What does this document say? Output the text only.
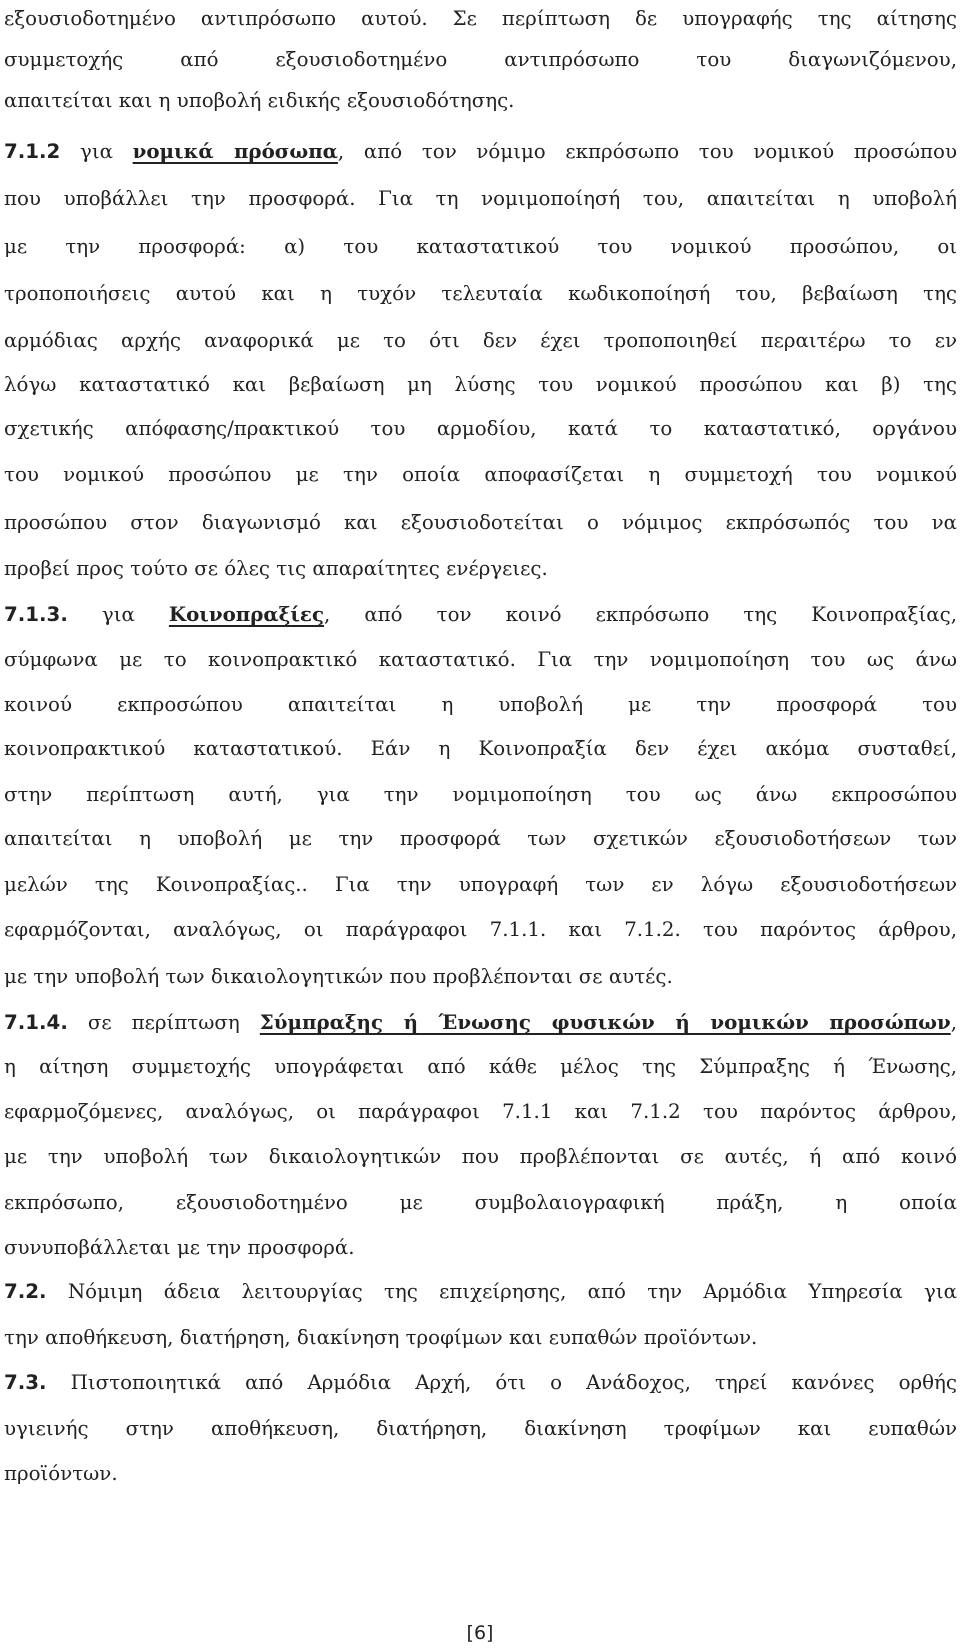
εξουσιοδοτημένο αντιπρόσωπο αυτού. Σε περίπτωση δε υπογραφής της αίτησης
συμμετοχής από εξουσιοδοτημένο αντιπρόσωπο του διαγωνιζόμενου,
απαιτείται και η υποβολή ειδικής εξουσιοδότησης.
7.1.2 για νομικά πρόσωπα, από τον νόμιμο εκπρόσωπο του νομικού προσώπου
που υποβάλλει την προσφορά. Για τη νομιμοποίησή του, απαιτείται η υποβολή
με την προσφορά: α) του καταστατικού του νομικού προσώπου, οι
τροποποιήσεις αυτού και η τυχόν τελευταία κωδικοποίησή του, βεβαίωση της
αρμόδιας αρχής αναφορικά με το ότι δεν έχει τροποποιηθεί περαιτέρω το εν
λόγω καταστατικό και βεβαίωση μη λύσης του νομικού προσώπου και β) της
σχετικής απόφασης/πρακτικού του αρμοδίου, κατά το καταστατικό, οργάνου
του νομικού προσώπου με την οποία αποφασίζεται η συμμετοχή του νομικού
προσώπου στον διαγωνισμό και εξουσιοδοτείται ο νόμιμος εκπρόσωπός του να
προβεί προς τούτο σε όλες τις απαραίτητες ενέργειες.
7.1.3. για Κοινοπραξίες, από τον κοινό εκπρόσωπο της Κοινοπραξίας,
σύμφωνα με το κοινοπρακτικό καταστατικό. Για την νομιμοποίηση του ως άνω
κοινού εκπροσώπου απαιτείται η υποβολή με την προσφορά του
κοινοπρακτικού καταστατικού. Εάν η Κοινοπραξία δεν έχει ακόμα συσταθεί,
στην περίπτωση αυτή, για την νομιμοποίηση του ως άνω εκπροσώπου
απαιτείται η υποβολή με την προσφορά των σχετικών εξουσιοδοτήσεων των
μελών της Κοινοπραξίας.. Για την υπογραφή των εν λόγω εξουσιοδοτήσεων
εφαρμόζονται, αναλόγως, οι παράγραφοι 7.1.1. και 7.1.2. του παρόντος άρθρου,
με την υποβολή των δικαιολογητικών που προβλέπονται σε αυτές.
7.1.4. σε περίπτωση Σύμπραξης ή Ένωσης φυσικών ή νομικών προσώπων,
η αίτηση συμμετοχής υπογράφεται από κάθε μέλος της Σύμπραξης ή Ένωσης,
εφαρμοζόμενες, αναλόγως, οι παράγραφοι 7.1.1 και 7.1.2 του παρόντος άρθρου,
με την υποβολή των δικαιολογητικών που προβλέπονται σε αυτές, ή από κοινό
εκπρόσωπο, εξουσιοδοτημένο με συμβολαιογραφική πράξη, η οποία
συνυποβάλλεται με την προσφορά.
7.2. Νόμιμη άδεια λειτουργίας της επιχείρησης, από την Αρμόδια Υπηρεσία για
την αποθήκευση, διατήρηση, διακίνηση τροφίμων και ευπαθών προϊόντων.
7.3. Πιστοποιητικά από Αρμόδια Αρχή, ότι ο Ανάδοχος, τηρεί κανόνες ορθής
υγιεινής στην αποθήκευση, διατήρηση, διακίνηση τροφίμων και ευπαθών
προϊόντων.
[6]
